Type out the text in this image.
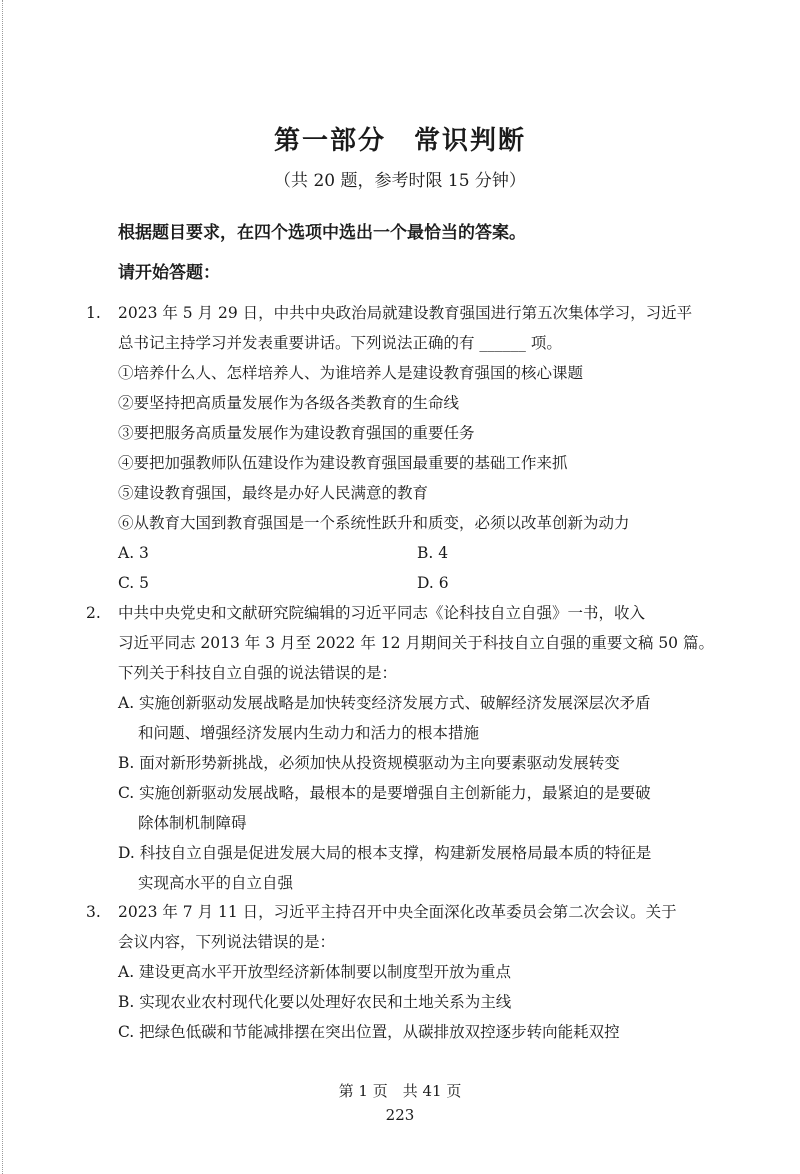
第一部分　常识判断

（共 20 题，参考时限 15 分钟）

根据题目要求，在四个选项中选出一个最恰当的答案。

请开始答题：

1. 2023 年 5 月 29 日，中共中央政治局就建设教育强国进行第五次集体学习，习近平
总书记主持学习并发表重要讲话。下列说法正确的有 ______ 项。
①培养什么人、怎样培养人、为谁培养人是建设教育强国的核心课题
②要坚持把高质量发展作为各级各类教育的生命线
③要把服务高质量发展作为建设教育强国的重要任务
④要把加强教师队伍建设作为建设教育强国最重要的基础工作来抓
⑤建设教育强国，最终是办好人民满意的教育
⑥从教育大国到教育强国是一个系统性跃升和质变，必须以改革创新为动力
A. 3	B. 4
C. 5	D. 6
2. 中共中央党史和文献研究院编辑的习近平同志《论科技自立自强》一书，收入
习近平同志 2013 年 3 月至 2022 年 12 月期间关于科技自立自强的重要文稿 50 篇。
下列关于科技自立自强的说法错误的是：
A. 实施创新驱动发展战略是加快转变经济发展方式、破解经济发展深层次矛盾
和问题、增强经济发展内生动力和活力的根本措施
B. 面对新形势新挑战，必须加快从投资规模驱动为主向要素驱动发展转变
C. 实施创新驱动发展战略，最根本的是要增强自主创新能力，最紧迫的是要破
除体制机制障碍
D. 科技自立自强是促进发展大局的根本支撑，构建新发展格局最本质的特征是
实现高水平的自立自强
3. 2023 年 7 月 11 日，习近平主持召开中央全面深化改革委员会第二次会议。关于
会议内容，下列说法错误的是：
A. 建设更高水平开放型经济新体制要以制度型开放为重点
B. 实现农业农村现代化要以处理好农民和土地关系为主线
C. 把绿色低碳和节能减排摆在突出位置，从碳排放双控逐步转向能耗双控
第 1 页　共 41 页
223
